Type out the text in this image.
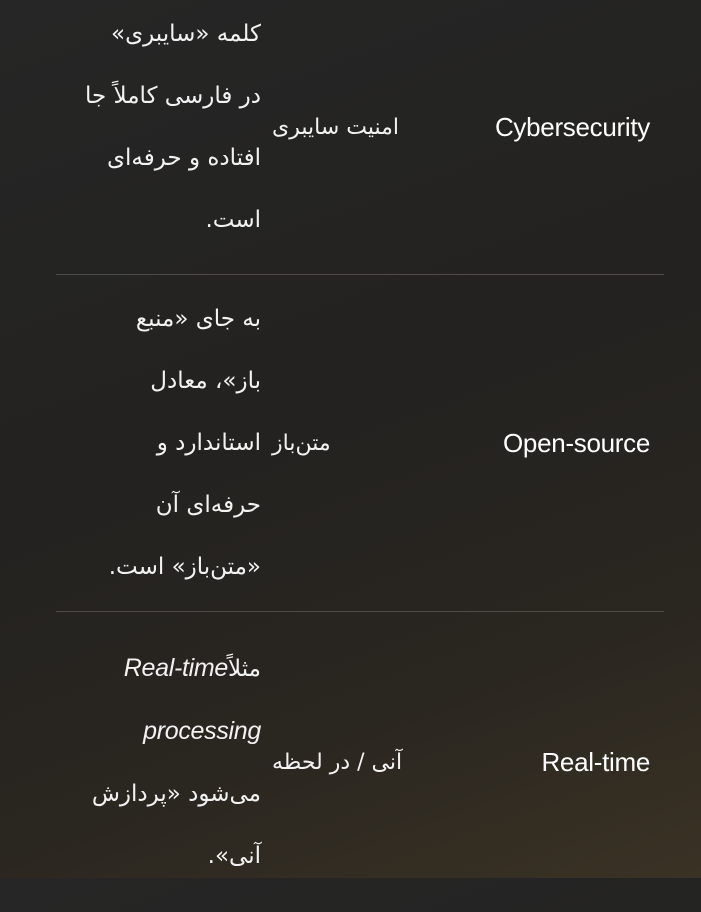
Cybersecurity
امنیت سایبری
کلمه «سایبری»
در فارسی کاملاً جا
افتاده و حرفه‌ای
است.
Open-source
متن‌باز
به جای «منبع
باز»، معادل
استاندارد و
حرفه‌ای آن
«متن‌باز» است.
Real-time
آنی / در لحظه
مثلاًReal-time
processing
می‌شود «پردازش
آنی».
